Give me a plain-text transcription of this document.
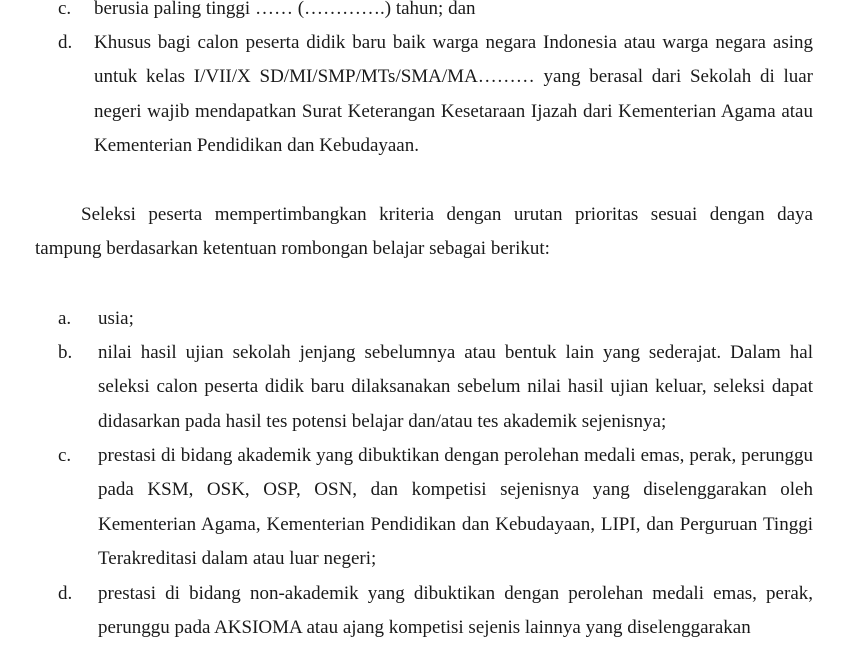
c. berusia paling tinggi …… (………….) tahun; dan
d. Khusus bagi calon peserta didik baru baik warga negara Indonesia atau warga negara asing untuk kelas I/VII/X SD/MI/SMP/MTs/SMA/MA……… yang berasal dari Sekolah di luar negeri wajib mendapatkan Surat Keterangan Kesetaraan Ijazah dari Kementerian Agama atau Kementerian Pendidikan dan Kebudayaan.
Seleksi peserta mempertimbangkan kriteria dengan urutan prioritas sesuai dengan daya tampung berdasarkan ketentuan rombongan belajar sebagai berikut:
a. usia;
b. nilai hasil ujian sekolah jenjang sebelumnya atau bentuk lain yang sederajat. Dalam hal seleksi calon peserta didik baru dilaksanakan sebelum nilai hasil ujian keluar, seleksi dapat didasarkan pada hasil tes potensi belajar dan/atau tes akademik sejenisnya;
c. prestasi di bidang akademik yang dibuktikan dengan perolehan medali emas, perak, perunggu pada KSM, OSK, OSP, OSN, dan kompetisi sejenisnya yang diselenggarakan oleh Kementerian Agama, Kementerian Pendidikan dan Kebudayaan, LIPI, dan Perguruan Tinggi Terakreditasi dalam atau luar negeri;
d. prestasi di bidang non-akademik yang dibuktikan dengan perolehan medali emas, perak, perunggu pada AKSIOMA atau ajang kompetisi sejenis lainnya yang diselenggarakan
